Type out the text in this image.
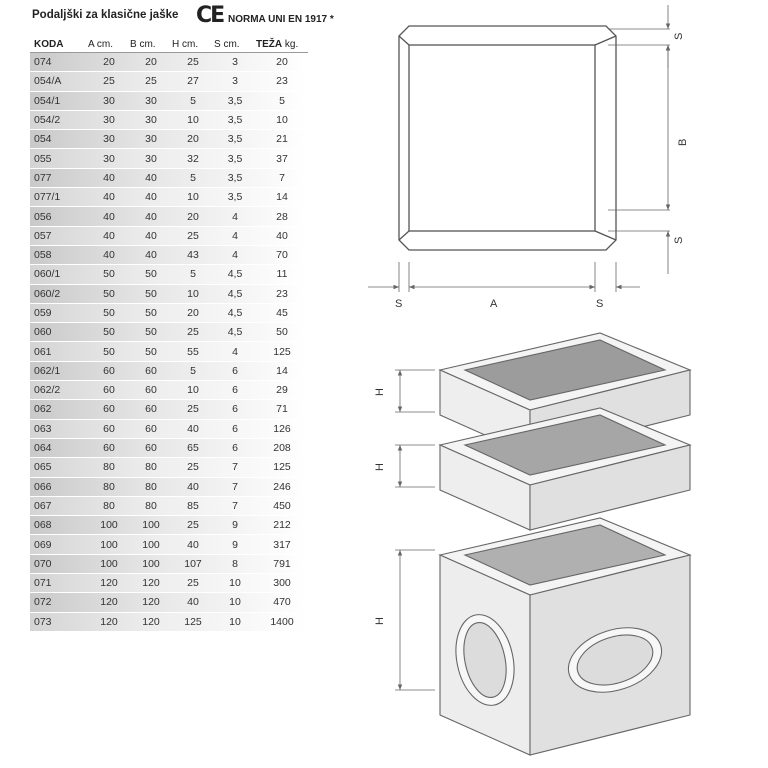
Podaljški za klasične jaške CE NORMA UNI EN 1917 *
KODA	A cm.	B cm.	H cm.	S cm.	TEŽA kg.
074	20	20	25	3	20
054/A	25	25	27	3	23
054/1	30	30	5	3,5	5
054/2	30	30	10	3,5	10
054	30	30	20	3,5	21
055	30	30	32	3,5	37
077	40	40	5	3,5	7
077/1	40	40	10	3,5	14
056	40	40	20	4	28
057	40	40	25	4	40
058	40	40	43	4	70
060/1	50	50	5	4,5	11
060/2	50	50	10	4,5	23
059	50	50	20	4,5	45
060	50	50	25	4,5	50
061	50	50	55	4	125
062/1	60	60	5	6	14
062/2	60	60	10	6	29
062	60	60	25	6	71
063	60	60	40	6	126
064	60	60	65	6	208
065	80	80	25	7	125
066	80	80	40	7	246
067	80	80	85	7	450
068	100	100	25	9	212
069	100	100	40	9	317
070	100	100	107	8	791
071	120	120	25	10	300
072	120	120	40	10	470
073	120	120	125	10	1400
S
B
S
S	A	S
H
H
H
